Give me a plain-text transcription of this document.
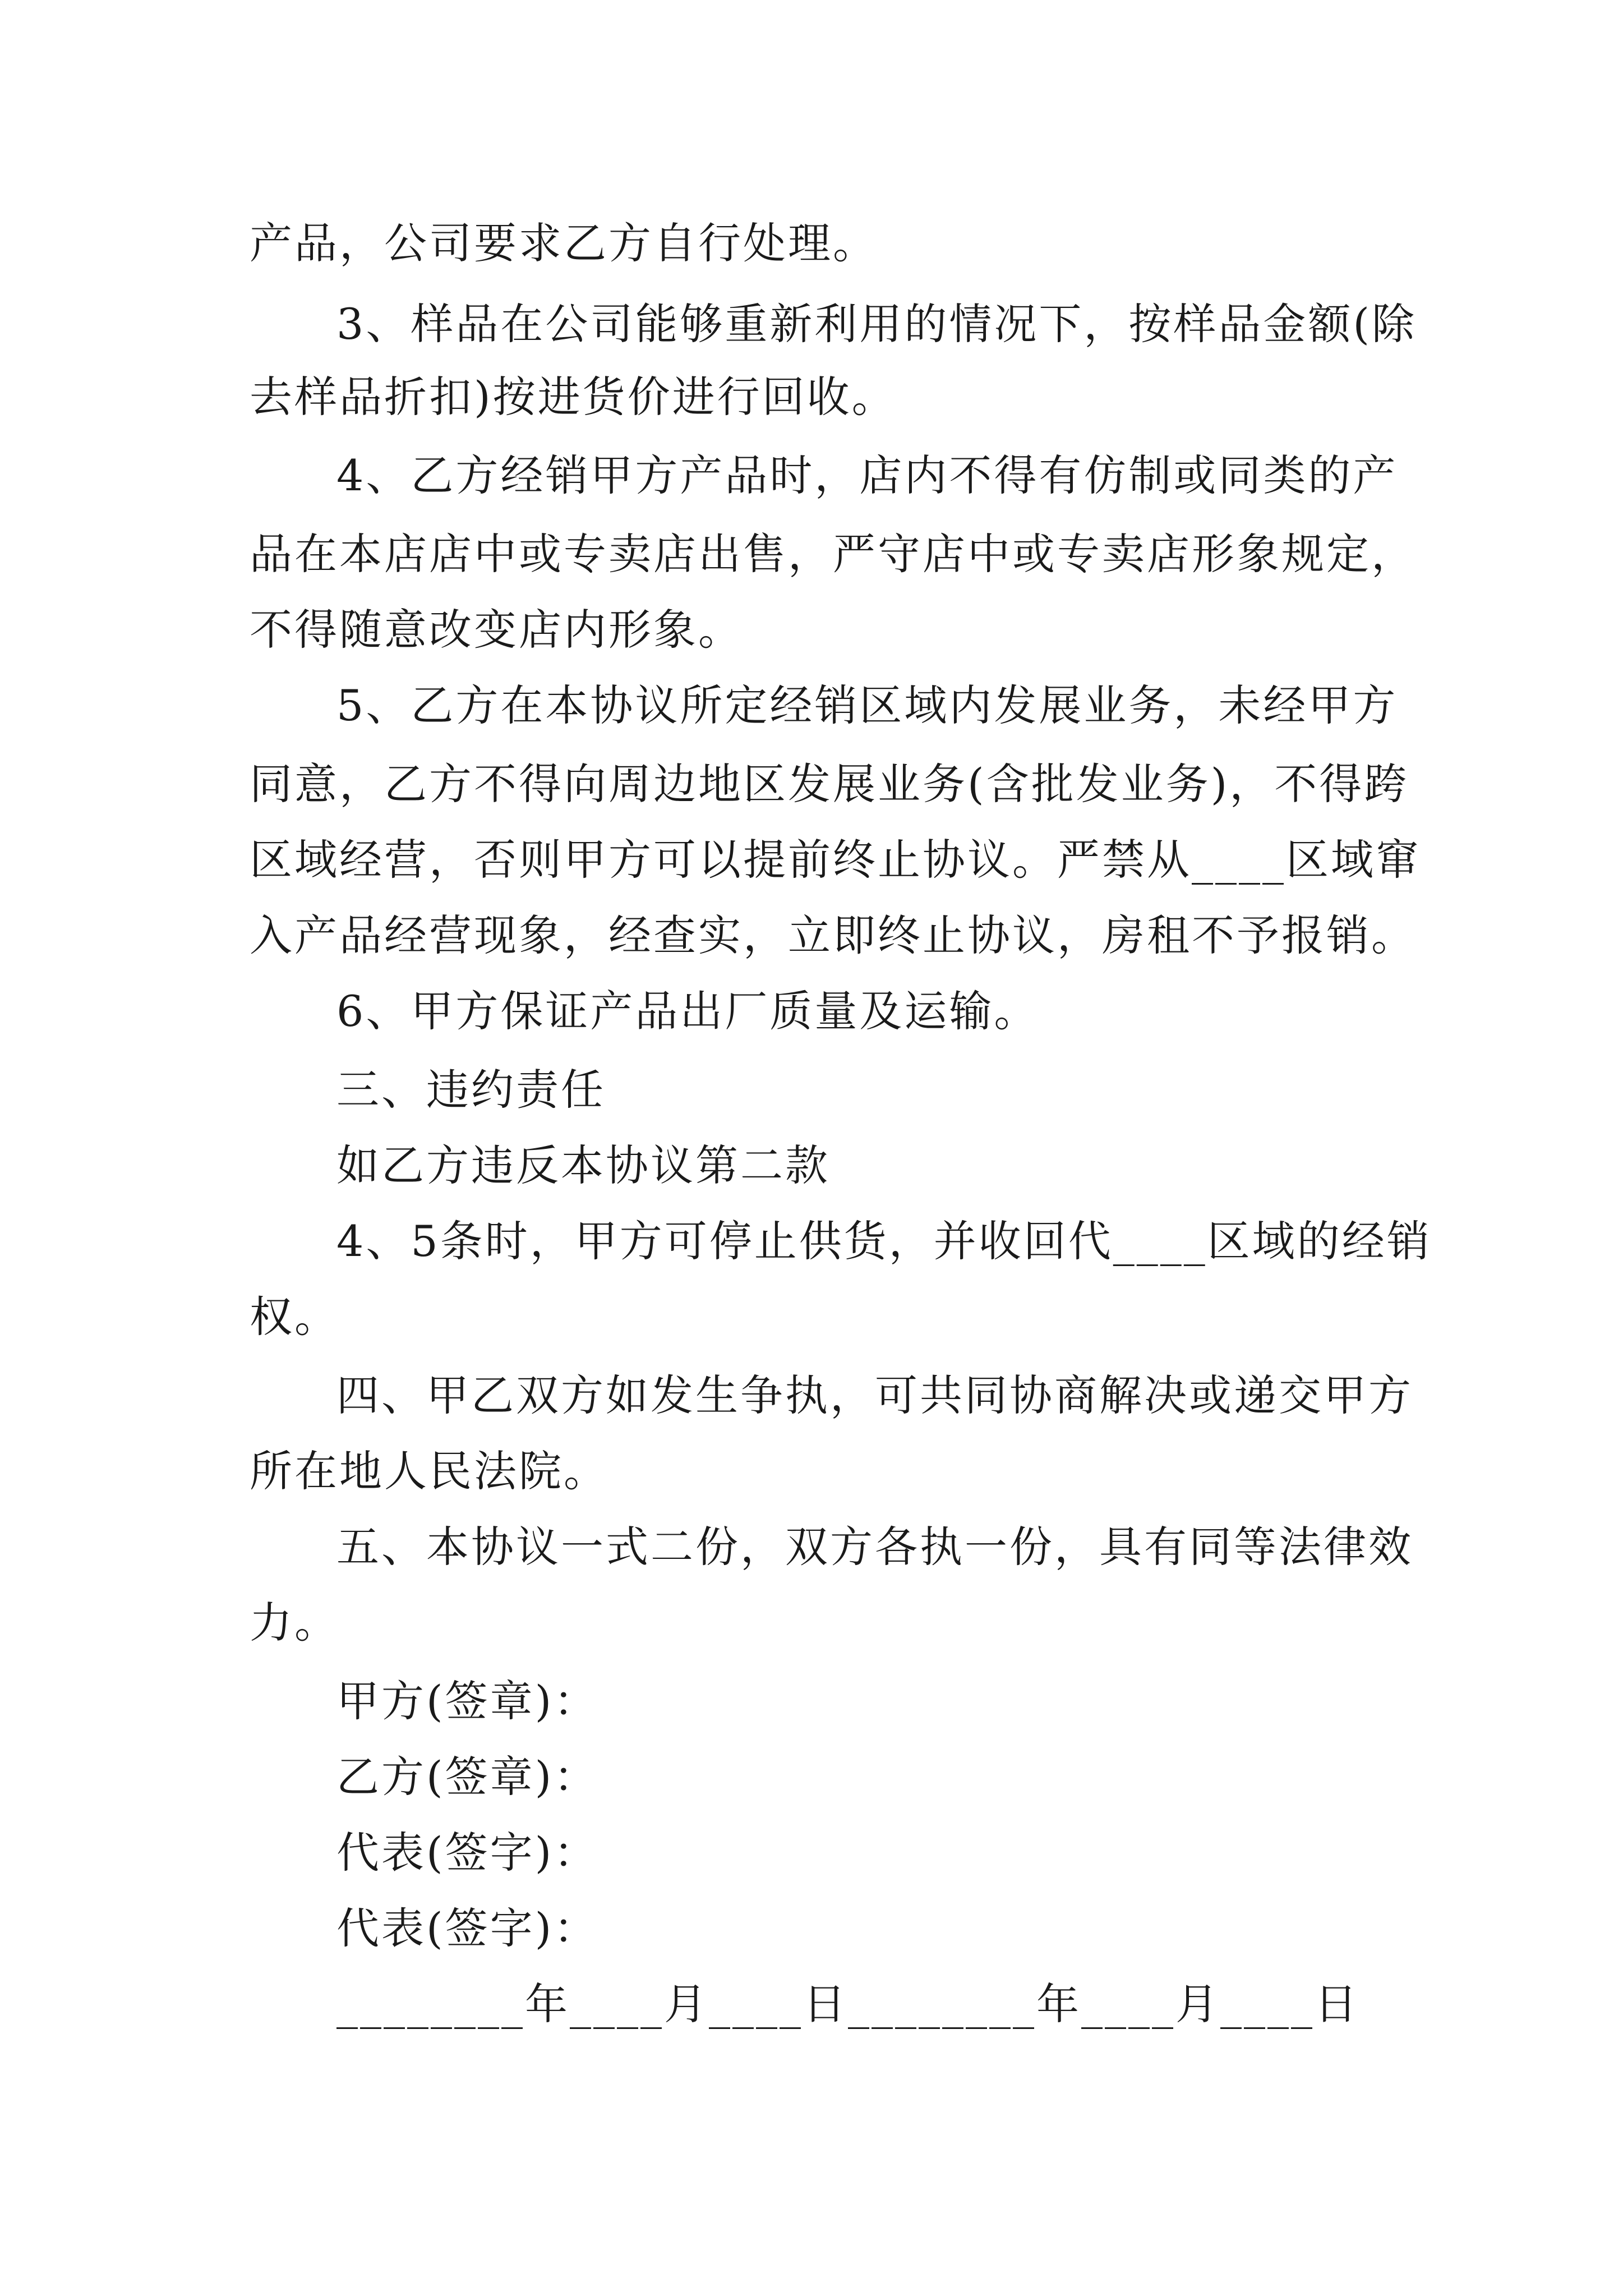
产品，公司要求乙方自行处理。

3、样品在公司能够重新利用的情况下，按样品金额(除

去样品折扣)按进货价进行回收。

4、乙方经销甲方产品时，店内不得有仿制或同类的产

品在本店店中或专卖店出售，严守店中或专卖店形象规定，

不得随意改变店内形象。

5、乙方在本协议所定经销区域内发展业务，未经甲方

同意，乙方不得向周边地区发展业务(含批发业务)，不得跨

区域经营，否则甲方可以提前终止协议。严禁从____区域窜

入产品经营现象，经查实，立即终止协议，房租不予报销。

6、甲方保证产品出厂质量及运输。

三、违约责任

如乙方违反本协议第二款

4、5条时，甲方可停止供货，并收回代____区域的经销

权。

四、甲乙双方如发生争执，可共同协商解决或递交甲方

所在地人民法院。

五、本协议一式二份，双方各执一份，具有同等法律效

力。

甲方(签章)：

乙方(签章)：

代表(签字)：

代表(签字)：

________年____月____日________年____月____日
